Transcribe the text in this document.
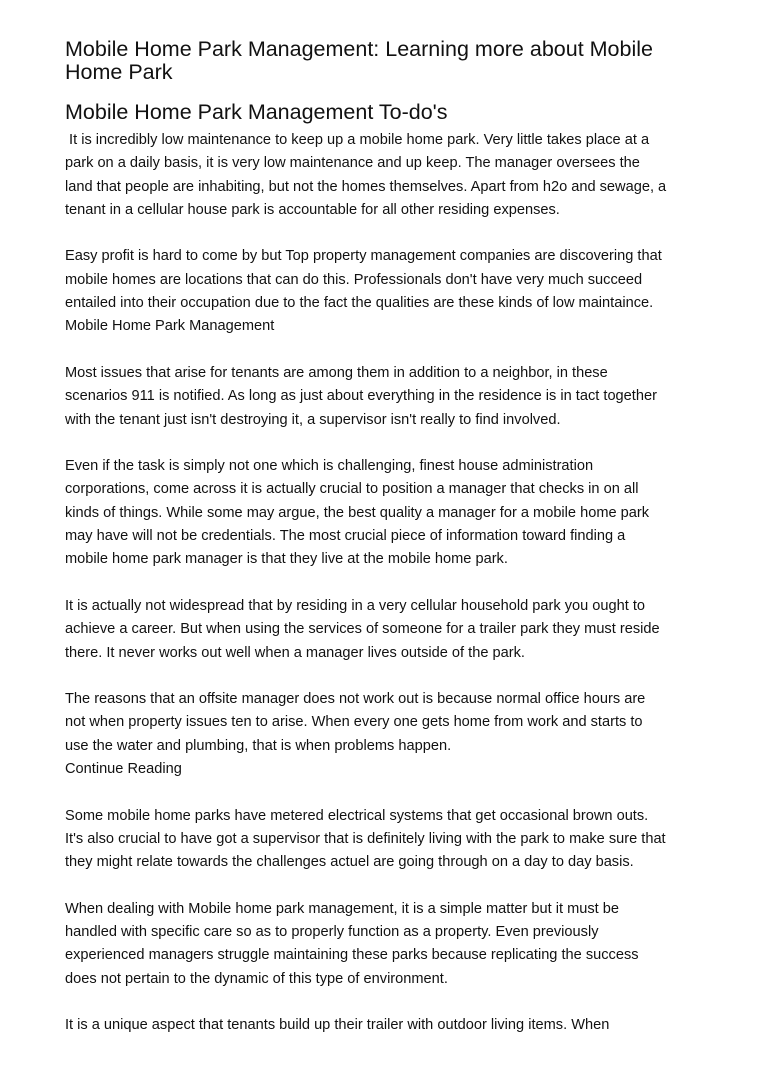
Mobile Home Park Management: Learning more about Mobile
Home Park
Mobile Home Park Management To-do's

It is incredibly low maintenance to keep up a mobile home park. Very little takes place at a
park on a daily basis, it is very low maintenance and up keep. The manager oversees the
land that people are inhabiting, but not the homes themselves. Apart from h2o and sewage, a
tenant in a cellular house park is accountable for all other residing expenses.

Easy profit is hard to come by but Top property management companies are discovering that
mobile homes are locations that can do this. Professionals don't have very much succeed
entailed into their occupation due to the fact the qualities are these kinds of low maintaince.
Mobile Home Park Management

Most issues that arise for tenants are among them in addition to a neighbor, in these
scenarios 911 is notified. As long as just about everything in the residence is in tact together
with the tenant just isn't destroying it, a supervisor isn't really to find involved.

Even if the task is simply not one which is challenging, finest house administration
corporations, come across it is actually crucial to position a manager that checks in on all
kinds of things. While some may argue, the best quality a manager for a mobile home park
may have will not be credentials. The most crucial piece of information toward finding a
mobile home park manager is that they live at the mobile home park.

It is actually not widespread that by residing in a very cellular household park you ought to
achieve a career. But when using the services of someone for a trailer park they must reside
there. It never works out well when a manager lives outside of the park.

The reasons that an offsite manager does not work out is because normal office hours are
not when property issues ten to arise. When every one gets home from work and starts to
use the water and plumbing, that is when problems happen.
Continue Reading

Some mobile home parks have metered electrical systems that get occasional brown outs.
It's also crucial to have got a supervisor that is definitely living with the park to make sure that
they might relate towards the challenges actuel are going through on a day to day basis.

When dealing with Mobile home park management, it is a simple matter but it must be
handled with specific care so as to properly function as a property. Even previously
experienced managers struggle maintaining these parks because replicating the success
does not pertain to the dynamic of this type of environment.

It is a unique aspect that tenants build up their trailer with outdoor living items. When
